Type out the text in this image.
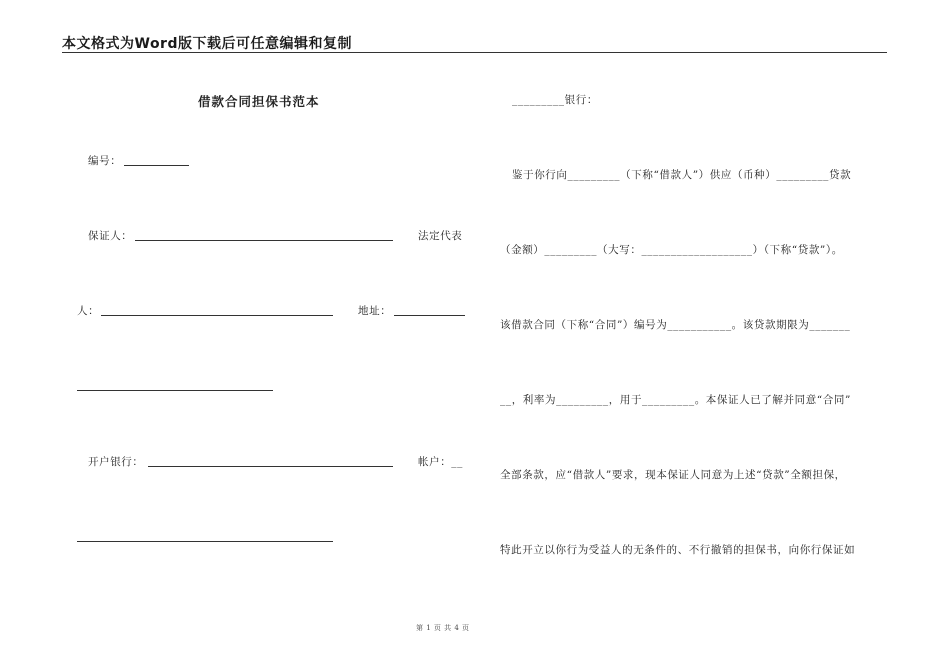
本文格式为Word版下载后可任意编辑和复制
借款合同担保书范本
编号：
保证人：	法定代表
人：	地址：
开户银行：	帐户：__
_________银行：
鉴于你行向_________（下称“借款人”）供应（币种）_________贷款
（金额）_________（大写：___________________）（下称“贷款”）。
该借款合同（下称“合同”）编号为___________。该贷款期限为_______
__，利率为_________，用于_________。本保证人已了解并同意“合同”
全部条款，应“借款人”要求，现本保证人同意为上述“贷款”全额担保，
特此开立以你行为受益人的无条件的、不行撤销的担保书，向你行保证如
第 1 页 共 4 页
